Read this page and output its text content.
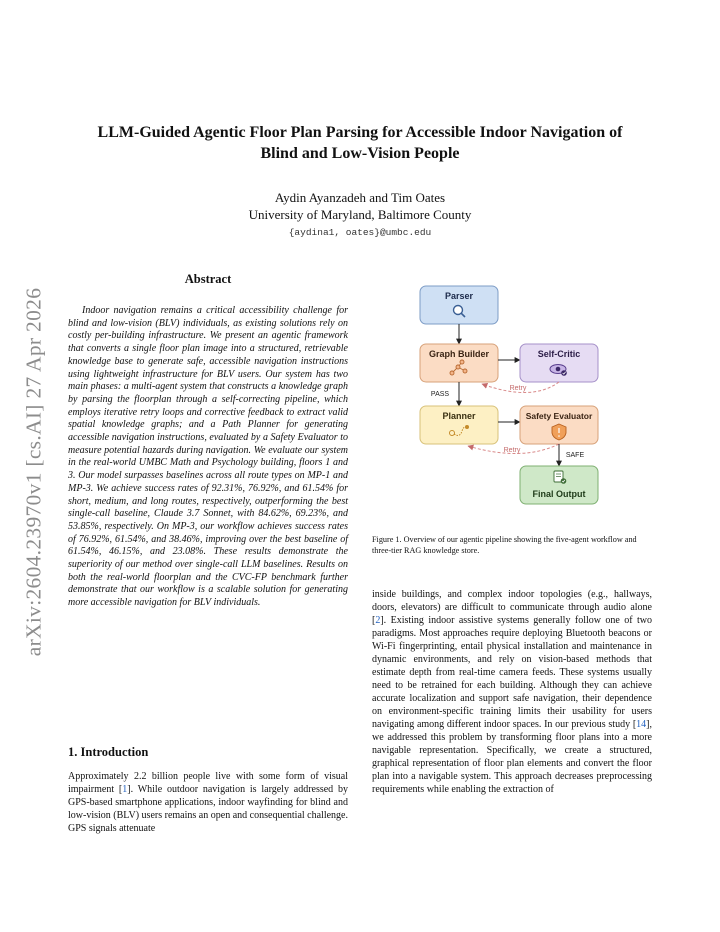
arXiv:2604.23970v1 [cs.AI] 27 Apr 2026
LLM-Guided Agentic Floor Plan Parsing for Accessible Indoor Navigation of
Blind and Low-Vision People
Aydin Ayanzadeh and Tim Oates
University of Maryland, Baltimore County
{aydina1, oates}@umbc.edu
Abstract

Indoor navigation remains a critical accessibility challenge for blind and low-vision (BLV) individuals, as existing solutions rely on costly per-building infrastructure. We present an agentic framework that converts a single floor plan image into a structured, retrievable knowledge base to generate safe, accessible navigation instructions using lightweight infrastructure for BLV users. Our system has two main phases: a multi-agent system that constructs a knowledge graph by parsing the floorplan through a self-correcting pipeline, which employs iterative retry loops and corrective feedback to extract valid spatial knowledge graphs; and a Path Planner for generating accessible navigation instructions, evaluated by a Safety Evaluator to measure potential hazards during navigation. We evaluate our system in the real-world UMBC Math and Psychology building, floors 1 and 3. Our model surpasses baselines across all route types on MP-1 and MP-3. We achieve success rates of 92.31%, 76.92%, and 61.54% for short, medium, and long routes, respectively, outperforming the best single-call baseline, Claude 3.7 Sonnet, with 84.62%, 69.23%, and 53.85%, respectively. On MP-3, our workflow achieves success rates of 76.92%, 61.54%, and 38.46%, improving over the best baseline of 61.54%, 46.15%, and 23.08%. These results demonstrate the superiority of our method over single-call LLM baselines. Results on both the real-world floorplan and the CVC-FP benchmark further demonstrate that our workflow is a scalable solution for generating more accessible navigation for BLV individuals.

1. Introduction

Approximately 2.2 billion people live with some form of visual impairment [1]. While outdoor navigation is largely addressed by GPS-based smartphone applications, indoor wayfinding for blind and low-vision (BLV) users remains an open and consequential challenge. GPS signals attenuate

Parser
Graph Builder	Self-Critic
Retry
PASS
Planner	Safety Evaluator
Retry
SAFE
Final Output
Figure 1. Overview of our agentic pipeline showing the five-agent workflow and three-tier RAG knowledge store.

inside buildings, and complex indoor topologies (e.g., hallways, doors, elevators) are difficult to communicate through audio alone [2]. Existing indoor assistive systems generally follow one of two paradigms. Most approaches require deploying Bluetooth beacons or Wi-Fi fingerprinting, entail physical installation and maintenance in dynamic environments, and rely on vision-based methods that estimate depth from real-time camera feeds. These systems usually need to be retrained for each building. Although they can achieve accurate localization and support safe navigation, their dependence on environment-specific training limits their usability for users navigating among different indoor spaces. In our previous study [14], we addressed this problem by transforming floor plans into a more navigable representation. Specifically, we create a structured, graphical representation of floor plan elements and convert the floor plan into a navigable system. This approach decreases preprocessing requirements while enabling the extraction of
